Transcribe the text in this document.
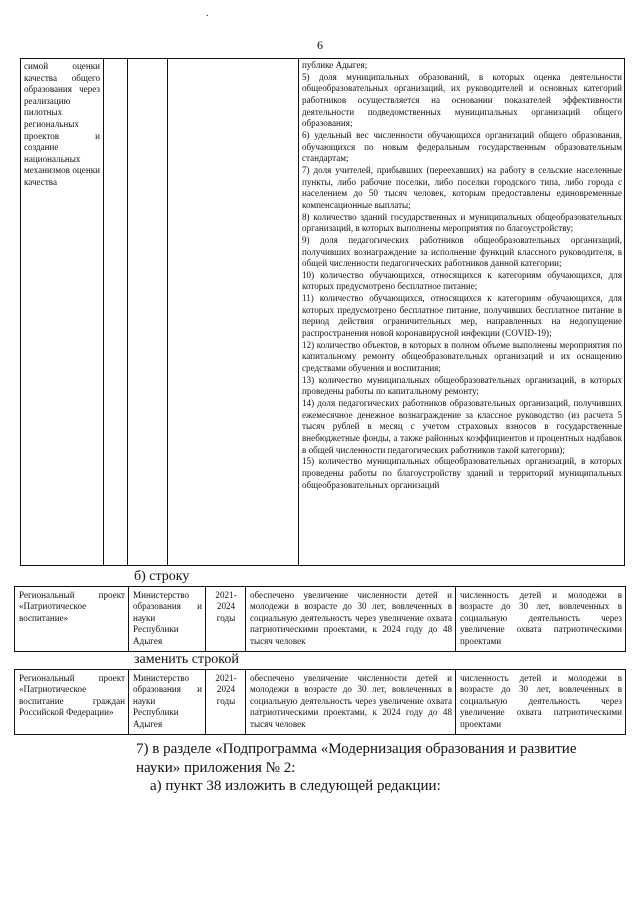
.
6

симой оценки качества общего образования через реализацию пилотных региональных проектов и создание национальных механизмов оценки качества

публике Адыгея;

5) доля муниципальных образований, в которых оценка деятельности общеобразовательных организаций, их руководителей и основных категорий работников осуществляется на основании показателей эффективности деятельности подведомственных муниципальных организаций общего образования;

6) удельный вес численности обучающихся организаций общего образования, обучающихся по новым федеральным государственным образовательным стандартам;

7) доля учителей, прибывших (переехавших) на работу в сельские населенные пункты, либо рабочие поселки, либо поселки городского типа, либо города с населением до 50 тысяч человек, которым предоставлены единовременные компенсационные выплаты;

8) количество зданий государственных и муниципальных общеобразовательных организаций, в которых выполнены мероприятия по благоустройству;

9) доля педагогических работников общеобразовательных организаций, получивших вознаграждение за исполнение функций классного руководителя, в общей численности педагогических работников данной категории;

10) количество обучающихся, относящихся к категориям обучающихся, для которых предусмотрено бесплатное питание;

11) количество обучающихся, относящихся к категориям обучающихся, для которых предусмотрено бесплатное питание, получивших бесплатное питание в период действия ограничительных мер, направленных на недопущение распространения новой коронавирусной инфекции (COVID-19);

12) количество объектов, в которых в полном объеме выполнены мероприятия по капитальному ремонту общеобразовательных организаций и их оснащению средствами обучения и воспитания;

13) количество муниципальных общеобразовательных организаций, в которых проведены работы по капитальному ремонту;

14) доля педагогических работников образовательных организаций, получивших ежемесячное денежное вознаграждение за классное руководство (из расчета 5 тысяч рублей в месяц с учетом страховых взносов в государственные внебюджетные фонды, а также районных коэффициентов и процентных надбавок в общей численности педагогических работников такой категории);

15) количество муниципальных общеобразовательных организаций, в которых проведены работы по благоустройству зданий и территорий муниципальных общеобразовательных организаций

б) строку
Региональный проект «Патриотическое воспитание»
Министерство образования и науки Республики Адыгея
2021-2024 годы
обеспечено увеличение численности детей и молодежи в возрасте до 30 лет, вовлеченных в социальную деятельность через увеличение охвата патриотическими проектами, к 2024 году до 48 тысяч человек
численность детей и молодежи в возрасте до 30 лет, вовлеченных в социальную деятельность через увеличение охвата патриотическими проектами
заменить строкой
Региональный проект «Патриотическое воспитание граждан Российской Федерации»
Министерство образования и науки Республики Адыгея
2021-2024 годы
обеспечено увеличение численности детей и молодежи в возрасте до 30 лет, вовлеченных в социальную деятельность через увеличение охвата патриотическими проектами, к 2024 году до 48 тысяч человек
численность детей и молодежи в возрасте до 30 лет, вовлеченных в социальную деятельность через увеличение охвата патриотическими проектами
7) в разделе «Подпрограмма «Модернизация образования и развитие науки» приложения № 2:
а) пункт 38 изложить в следующей редакции:
